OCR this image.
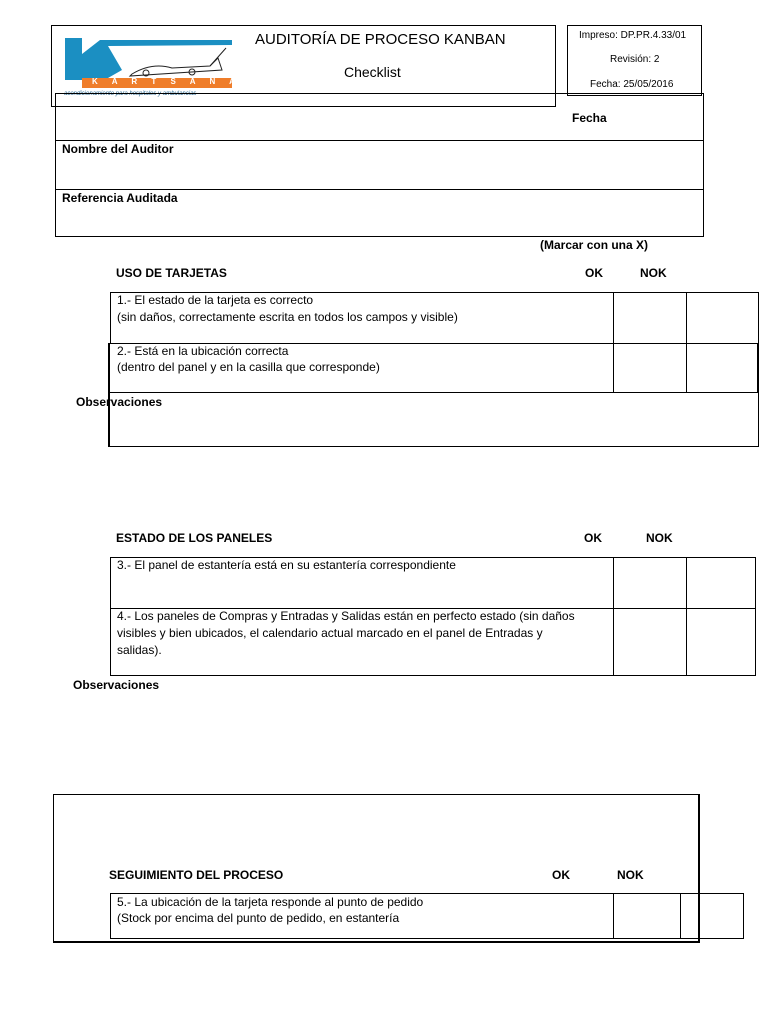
K A R T S A N A
acondicionamiento para hospitales y ambulancias
AUDITORÍA DE PROCESO KANBAN
Checklist
Impreso: DP.PR.4.33/01
Revisión: 2
Fecha: 25/05/2016
Fecha
Nombre del Auditor
Referencia Auditada
(Marcar con una X)
USO DE TARJETAS	OK	NOK
1.- El estado de la tarjeta es correcto
(sin daños, correctamente escrita en todos los campos y visible)
2.- Está en la ubicación correcta
(dentro del panel y en la casilla que corresponde)
Observaciones
ESTADO DE LOS PANELES	OK	NOK
3.- El panel de estantería está en su estantería correspondiente
4.- Los paneles de Compras y Entradas y Salidas están en perfecto estado (sin daños
visibles y bien ubicados, el calendario actual marcado en el panel de Entradas y
salidas).
Observaciones
SEGUIMIENTO DEL PROCESO	OK	NOK
5.- La ubicación de la tarjeta responde al punto de pedido
(Stock por encima del punto de pedido, en estantería
